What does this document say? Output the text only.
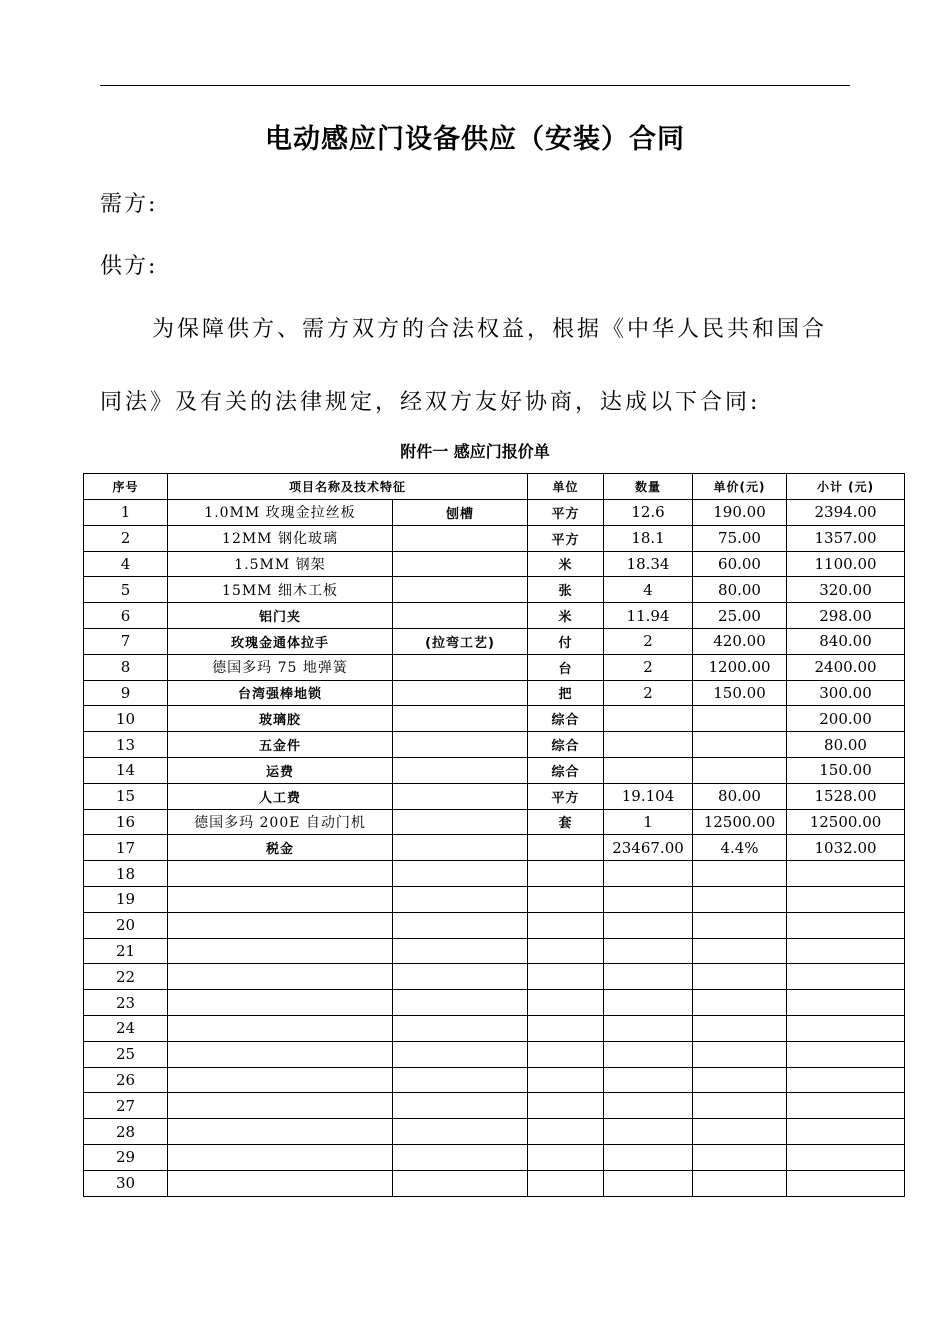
电动感应门设备供应（安装）合同
需方:
供方:
为保障供方、需方双方的合法权益，根据《中华人民共和国合
同法》及有关的法律规定，经双方友好协商，达成以下合同:
附件一 感应门报价单
序号	项目名称及技术特征		单位	数量	单价(元)	小计 (元)
1	1.0MM 玫瑰金拉丝板	刨槽	平方	12.6	190.00	2394.00
2	12MM 钢化玻璃		平方	18.1	75.00	1357.00
4	1.5MM 钢架		米	18.34	60.00	1100.00
5	15MM 细木工板		张	4	80.00	320.00
6	铝门夹		米	11.94	25.00	298.00
7	玫瑰金通体拉手	(拉弯工艺)	付	2	420.00	840.00
8	德国多玛 75 地弹簧		台	2	1200.00	2400.00
9	台湾强棒地锁		把	2	150.00	300.00
10	玻璃胶		综合			200.00
13	五金件		综合			80.00
14	运费		综合			150.00
15	人工费		平方	19.104	80.00	1528.00
16	德国多玛 200E 自动门机		套	1	12500.00	12500.00
17	税金			23467.00	4.4%	1032.00
18						
19						
20						
21						
22						
23						
24						
25						
26						
27						
28						
29						
30						
